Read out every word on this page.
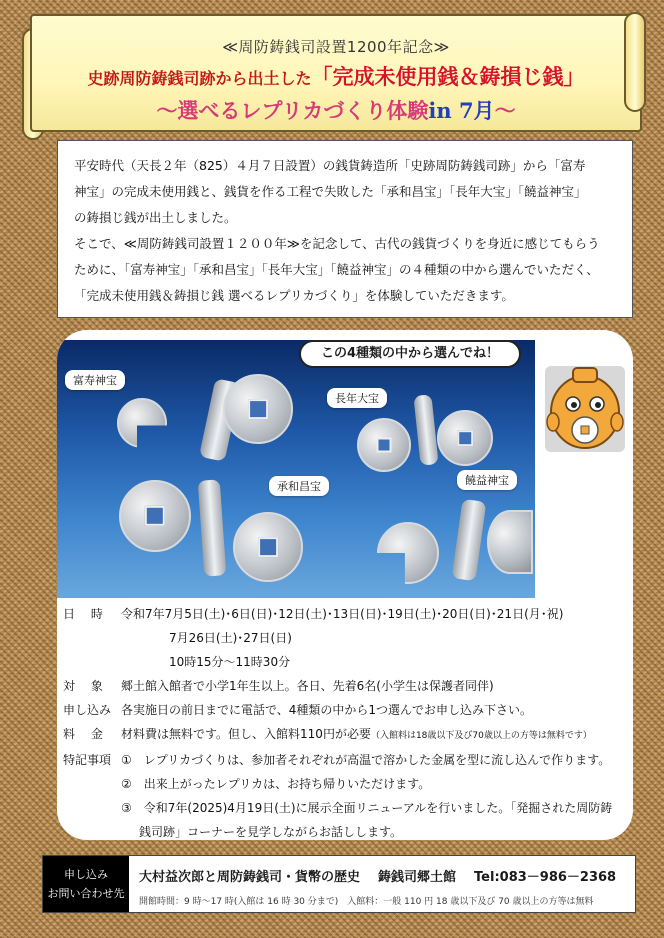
≪周防鋳銭司設置1200年記念≫
史跡周防鋳銭司跡から出土した「完成未使用銭＆鋳損じ銭」
～選べるレプリカづくり体験in 7月～

平安時代（天長２年（825）４月７日設置）の銭貨鋳造所「史跡周防鋳銭司跡」から「富寿

神宝」の完成未使用銭と、銭貨を作る工程で失敗した「承和昌宝」「長年大宝」「饒益神宝」

の鋳損じ銭が出土しました。

そこで、≪周防鋳銭司設置１２００年≫を記念して、古代の銭貨づくりを身近に感じてもらう

ために、「富寿神宝」「承和昌宝」「長年大宝」「饒益神宝」の４種類の中から選んでいただく、

「完成未使用銭＆鋳損じ銭 選べるレプリカづくり」を体験していただきます。

富寿神宝
長年大宝
承和昌宝	饒益神宝
この4種類の中から選んでね！
日　 時	令和7年7月5日(土)･6日(日)･12日(土)･13日(日)･19日(土)･20日(日)･21日(月･祝)
7月26日(土)･27日(日)
10時15分～11時30分
対　 象	郷土館入館者で小学1年生以上。各日、先着6名(小学生は保護者同伴)
申し込み 各実施日の前日までに電話で、4種類の中から1つ選んでお申し込み下さい。
料　 金	材料費は無料です。但し、入館料110円が必要（入館料は18歳以下及び70歳以上の方等は無料です）
特記事項 ①　レプリカづくりは、参加者それぞれが高温で溶かした金属を型に流し込んで作ります。
②　出来上がったレプリカは、お持ち帰りいただけます。
③　令和7年(2025)4月19日(土)に展示全面リニューアルを行いました。「発掘された周防鋳
銭司跡」コーナーを見学しながらお話しします。
申し込み
お問い合わせ先
大村益次郎と周防鋳銭司・貨幣の歴史 鋳銭司郷土館 Tel:083－986－2368
開館時間：9 時～17 時(入館は 16 時 30 分まで)　入館料：一般 110 円 18 歳以下及び 70 歳以上の方等は無料
